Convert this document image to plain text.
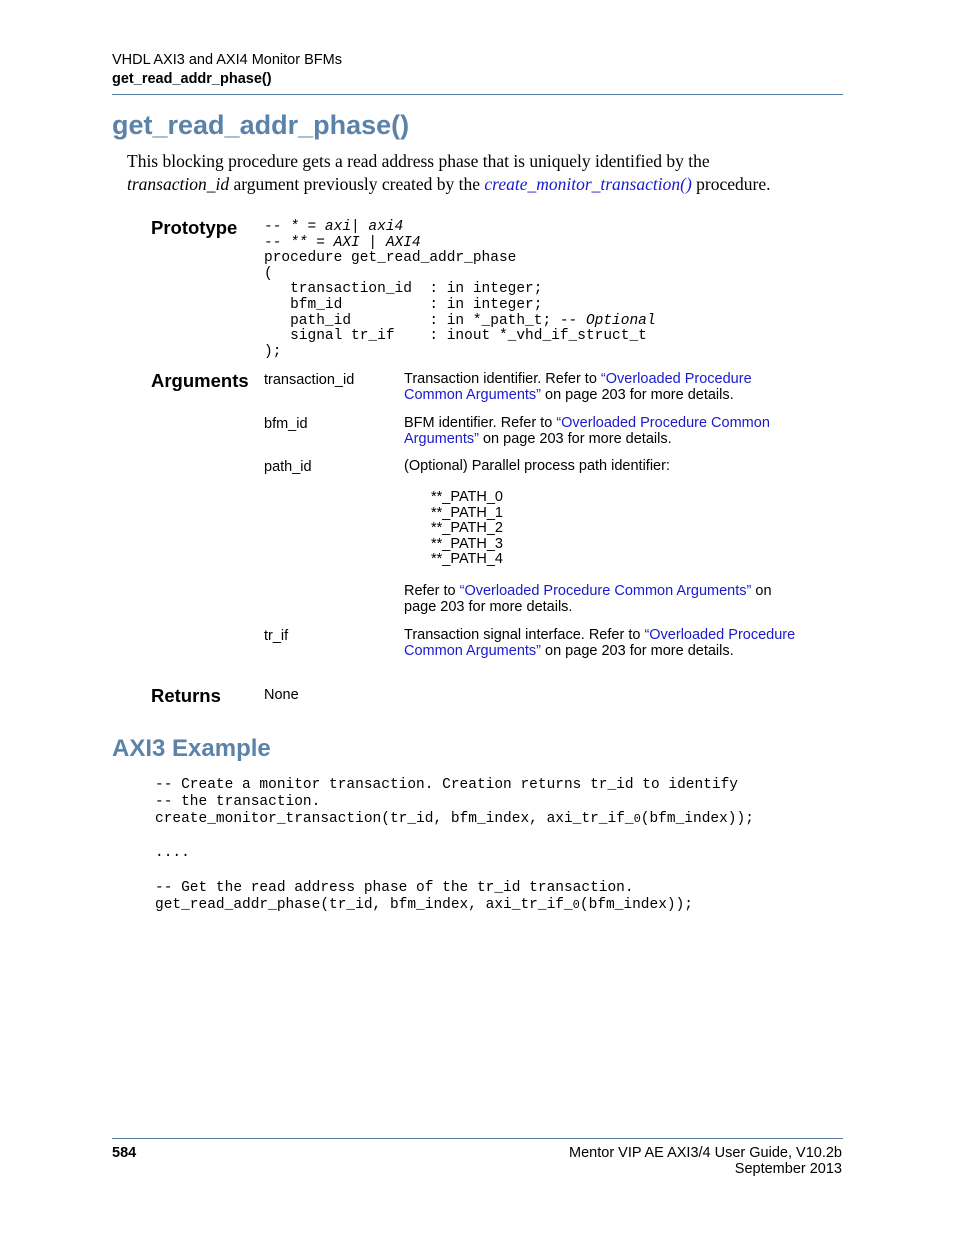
VHDL AXI3 and AXI4 Monitor BFMs
get_read_addr_phase()
get_read_addr_phase()
This blocking procedure gets a read address phase that is uniquely identified by the
transaction_id argument previously created by the create_monitor_transaction() procedure.
Prototype -- * = axi| axi4
-- ** = AXI | AXI4
procedure get_read_addr_phase
(
transaction_id  : in integer;
bfm_id          : in integer;
path_id         : in *_path_t; -- Optional
signal tr_if    : inout *_vhd_if_struct_t
);
Arguments transaction_id	Transaction identifier. Refer to “Overloaded Procedure Common Arguments” on page 203 for more details.
bfm_id	BFM identifier. Refer to “Overloaded Procedure Common Arguments” on page 203 for more details.
path_id	(Optional) Parallel process path identifier:
**_PATH_0
**_PATH_1
**_PATH_2
**_PATH_3
**_PATH_4
Refer to “Overloaded Procedure Common Arguments” on page 203 for more details.
tr_if	Transaction signal interface. Refer to “Overloaded Procedure Common Arguments” on page 203 for more details.
Returns	None
AXI3 Example
-- Create a monitor transaction. Creation returns tr_id to identify
-- the transaction.
create_monitor_transaction(tr_id, bfm_index, axi_tr_if_0(bfm_index));
....
-- Get the read address phase of the tr_id transaction.
get_read_addr_phase(tr_id, bfm_index, axi_tr_if_0(bfm_index));
584	Mentor VIP AE AXI3/4 User Guide, V10.2b
September 2013
